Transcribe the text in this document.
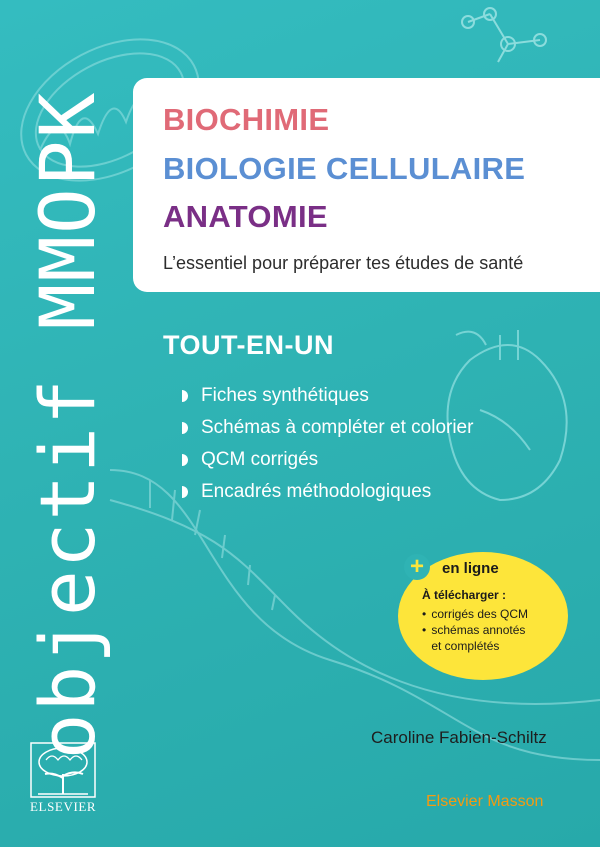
objectif MMOPK	BIOCHIMIE
BIOLOGIE CELLULAIRE
ANATOMIE
L’essentiel pour préparer tes études de santé
TOUT-EN-UN
Fiches synthétiques
Schémas à compléter et colorier
QCM corrigés
Encadrés méthodologiques
+	en ligne
À télécharger :
• corrigés des QCM
• schémas annotés
et complétés
Caroline Fabien-Schiltz
ELSEVIER	Elsevier Masson
